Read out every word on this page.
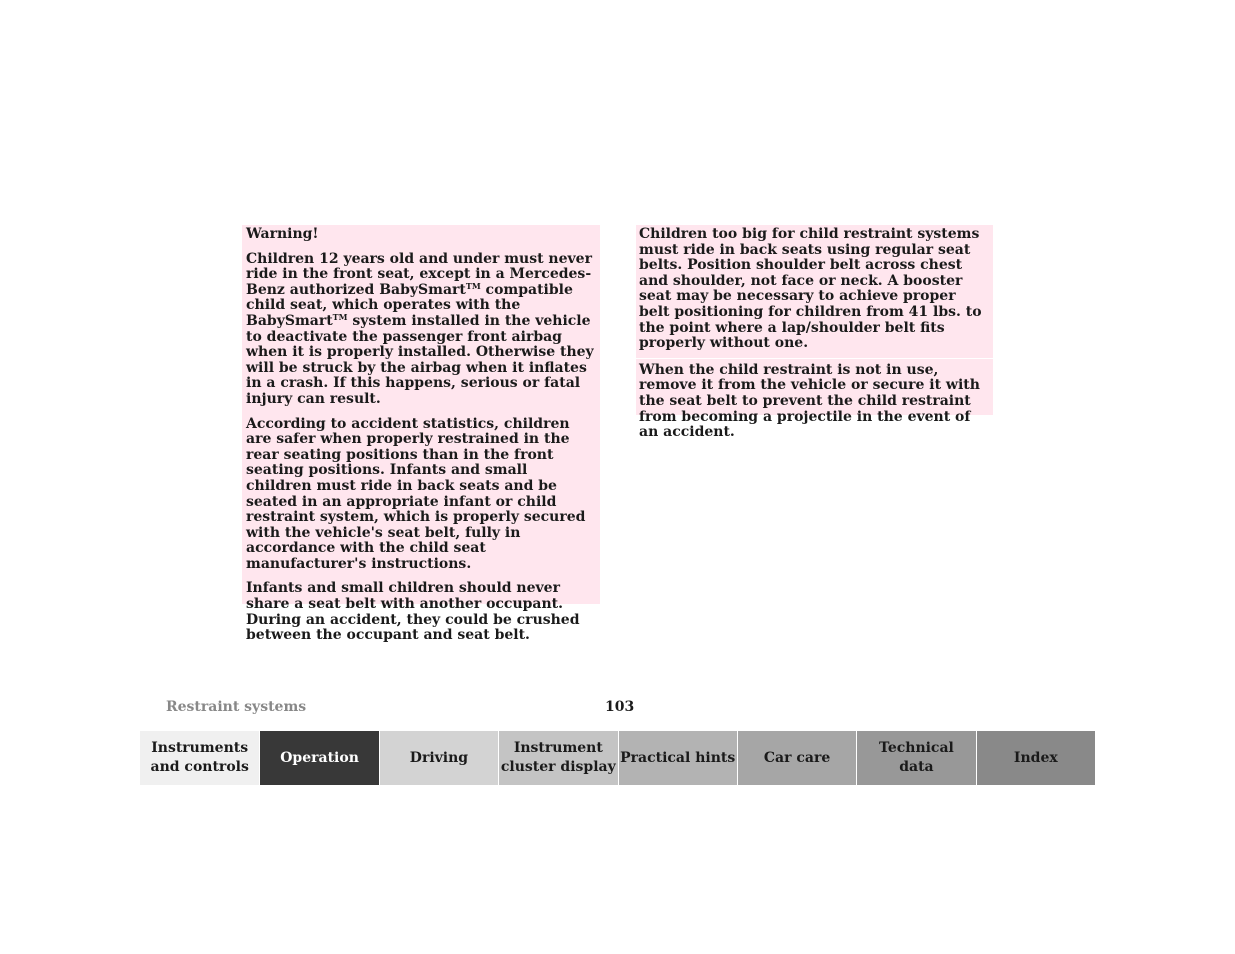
Warning!

Children 12 years old and under must never ride in the front seat, except in a Mercedes-Benz authorized BabySmart™ compatible child seat, which operates with the BabySmart™ system installed in the vehicle to deactivate the passenger front airbag when it is properly installed. Otherwise they will be struck by the airbag when it inflates in a crash. If this happens, serious or fatal injury can result.

According to accident statistics, children are safer when properly restrained in the rear seating positions than in the front seating positions. Infants and small children must ride in back seats and be seated in an appropriate infant or child restraint system, which is properly secured with the vehicle's seat belt, fully in accordance with the child seat manufacturer's instructions.

Infants and small children should never share a seat belt with another occupant. During an accident, they could be crushed between the occupant and seat belt.

Children too big for child restraint systems must ride in back seats using regular seat belts. Position shoulder belt across chest and shoulder, not face or neck. A booster seat may be necessary to achieve proper belt positioning for children from 41 lbs. to the point where a lap/shoulder belt fits properly without one.

When the child restraint is not in use, remove it from the vehicle or secure it with the seat belt to prevent the child restraint from becoming a projectile in the event of an accident.

Restraint systems	103
Instruments
and controls
Operation	Driving
Instrument
cluster display
Practical hints	Car care
Technical
data
Index
